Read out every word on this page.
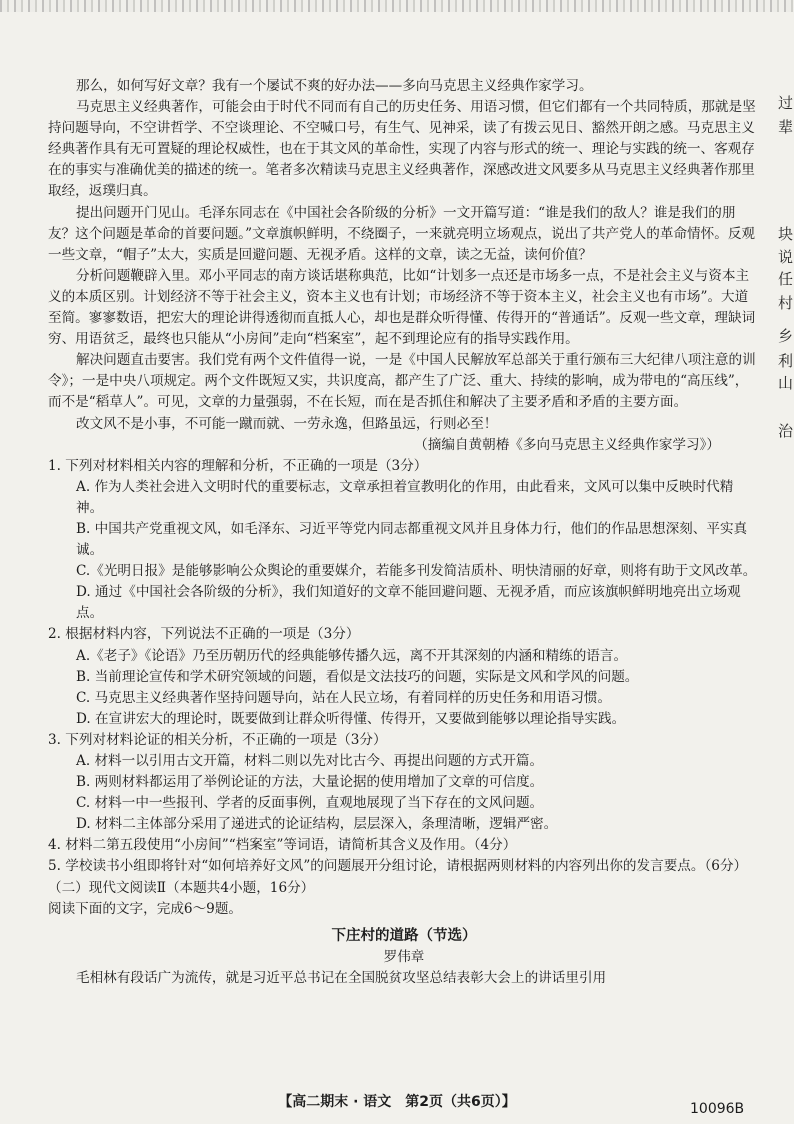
过
辈
块
说
任
村
乡
利
山
治

那么，如何写好文章？我有一个屡试不爽的好办法——多向马克思主义经典作家学习。

马克思主义经典著作，可能会由于时代不同而有自己的历史任务、用语习惯，但它们都有一个共同特质，那就是坚持问题导向，不空讲哲学、不空谈理论、不空喊口号，有生气、见神采，读了有拨云见日、豁然开朗之感。马克思主义经典著作具有无可置疑的理论权威性，也在于其文风的革命性，实现了内容与形式的统一、理论与实践的统一、客观存在的事实与准确优美的描述的统一。笔者多次精读马克思主义经典著作，深感改进文风要多从马克思主义经典著作那里取经，返璞归真。

提出问题开门见山。毛泽东同志在《中国社会各阶级的分析》一文开篇写道：“谁是我们的敌人？谁是我们的朋友？这个问题是革命的首要问题。”文章旗帜鲜明，不绕圈子，一来就亮明立场观点，说出了共产党人的革命情怀。反观一些文章，“帽子”太大，实质是回避问题、无视矛盾。这样的文章，读之无益，读何价值？

分析问题鞭辟入里。邓小平同志的南方谈话堪称典范，比如“计划多一点还是市场多一点，不是社会主义与资本主义的本质区别。计划经济不等于社会主义，资本主义也有计划；市场经济不等于资本主义，社会主义也有市场”。大道至简。寥寥数语，把宏大的理论讲得透彻而直抵人心，却也是群众听得懂、传得开的“普通话”。反观一些文章，理缺词穷、用语贫乏，最终也只能从“小房间”走向“档案室”，起不到理论应有的指导实践作用。

解决问题直击要害。我们党有两个文件值得一说，一是《中国人民解放军总部关于重行颁布三大纪律八项注意的训令》；一是中央八项规定。两个文件既短又实，共识度高，都产生了广泛、重大、持续的影响，成为带电的“高压线”，而不是“稻草人”。可见，文章的力量强弱，不在长短，而在是否抓住和解决了主要矛盾和矛盾的主要方面。

改文风不是小事，不可能一蹴而就、一劳永逸，但路虽远，行则必至！

（摘编自黄朝椿《多向马克思主义经典作家学习》）

1. 下列对材料相关内容的理解和分析，不正确的一项是（3分）

A. 作为人类社会进入文明时代的重要标志，文章承担着宣教明化的作用，由此看来，文风可以集中反映时代精神。

B. 中国共产党重视文风，如毛泽东、习近平等党内同志都重视文风并且身体力行，他们的作品思想深刻、平实真诚。

C.《光明日报》是能够影响公众舆论的重要媒介，若能多刊发简洁质朴、明快清丽的好章，则将有助于文风改革。

D. 通过《中国社会各阶级的分析》，我们知道好的文章不能回避问题、无视矛盾，而应该旗帜鲜明地亮出立场观点。

2. 根据材料内容，下列说法不正确的一项是（3分）

A.《老子》《论语》乃至历朝历代的经典能够传播久远，离不开其深刻的内涵和精练的语言。

B. 当前理论宣传和学术研究领域的问题，看似是文法技巧的问题，实际是文风和学风的问题。

C. 马克思主义经典著作坚持问题导向，站在人民立场，有着同样的历史任务和用语习惯。

D. 在宣讲宏大的理论时，既要做到让群众听得懂、传得开，又要做到能够以理论指导实践。

3. 下列对材料论证的相关分析，不正确的一项是（3分）

A. 材料一以引用古文开篇，材料二则以先对比古今、再提出问题的方式开篇。

B. 两则材料都运用了举例论证的方法，大量论据的使用增加了文章的可信度。

C. 材料一中一些报刊、学者的反面事例，直观地展现了当下存在的文风问题。

D. 材料二主体部分采用了递进式的论证结构，层层深入，条理清晰，逻辑严密。

4. 材料二第五段使用“小房间”“档案室”等词语，请简析其含义及作用。（4分）

5. 学校读书小组即将针对“如何培养好文风”的问题展开分组讨论，请根据两则材料的内容列出你的发言要点。（6分）

（二）现代文阅读Ⅱ（本题共4小题，16分）

阅读下面的文字，完成6～9题。

下庄村的道路（节选）

罗伟章

毛相林有段话广为流传，就是习近平总书记在全国脱贫攻坚总结表彰大会上的讲话里引用

【高二期末 · 语文　第2页（共6页）】	10096B
